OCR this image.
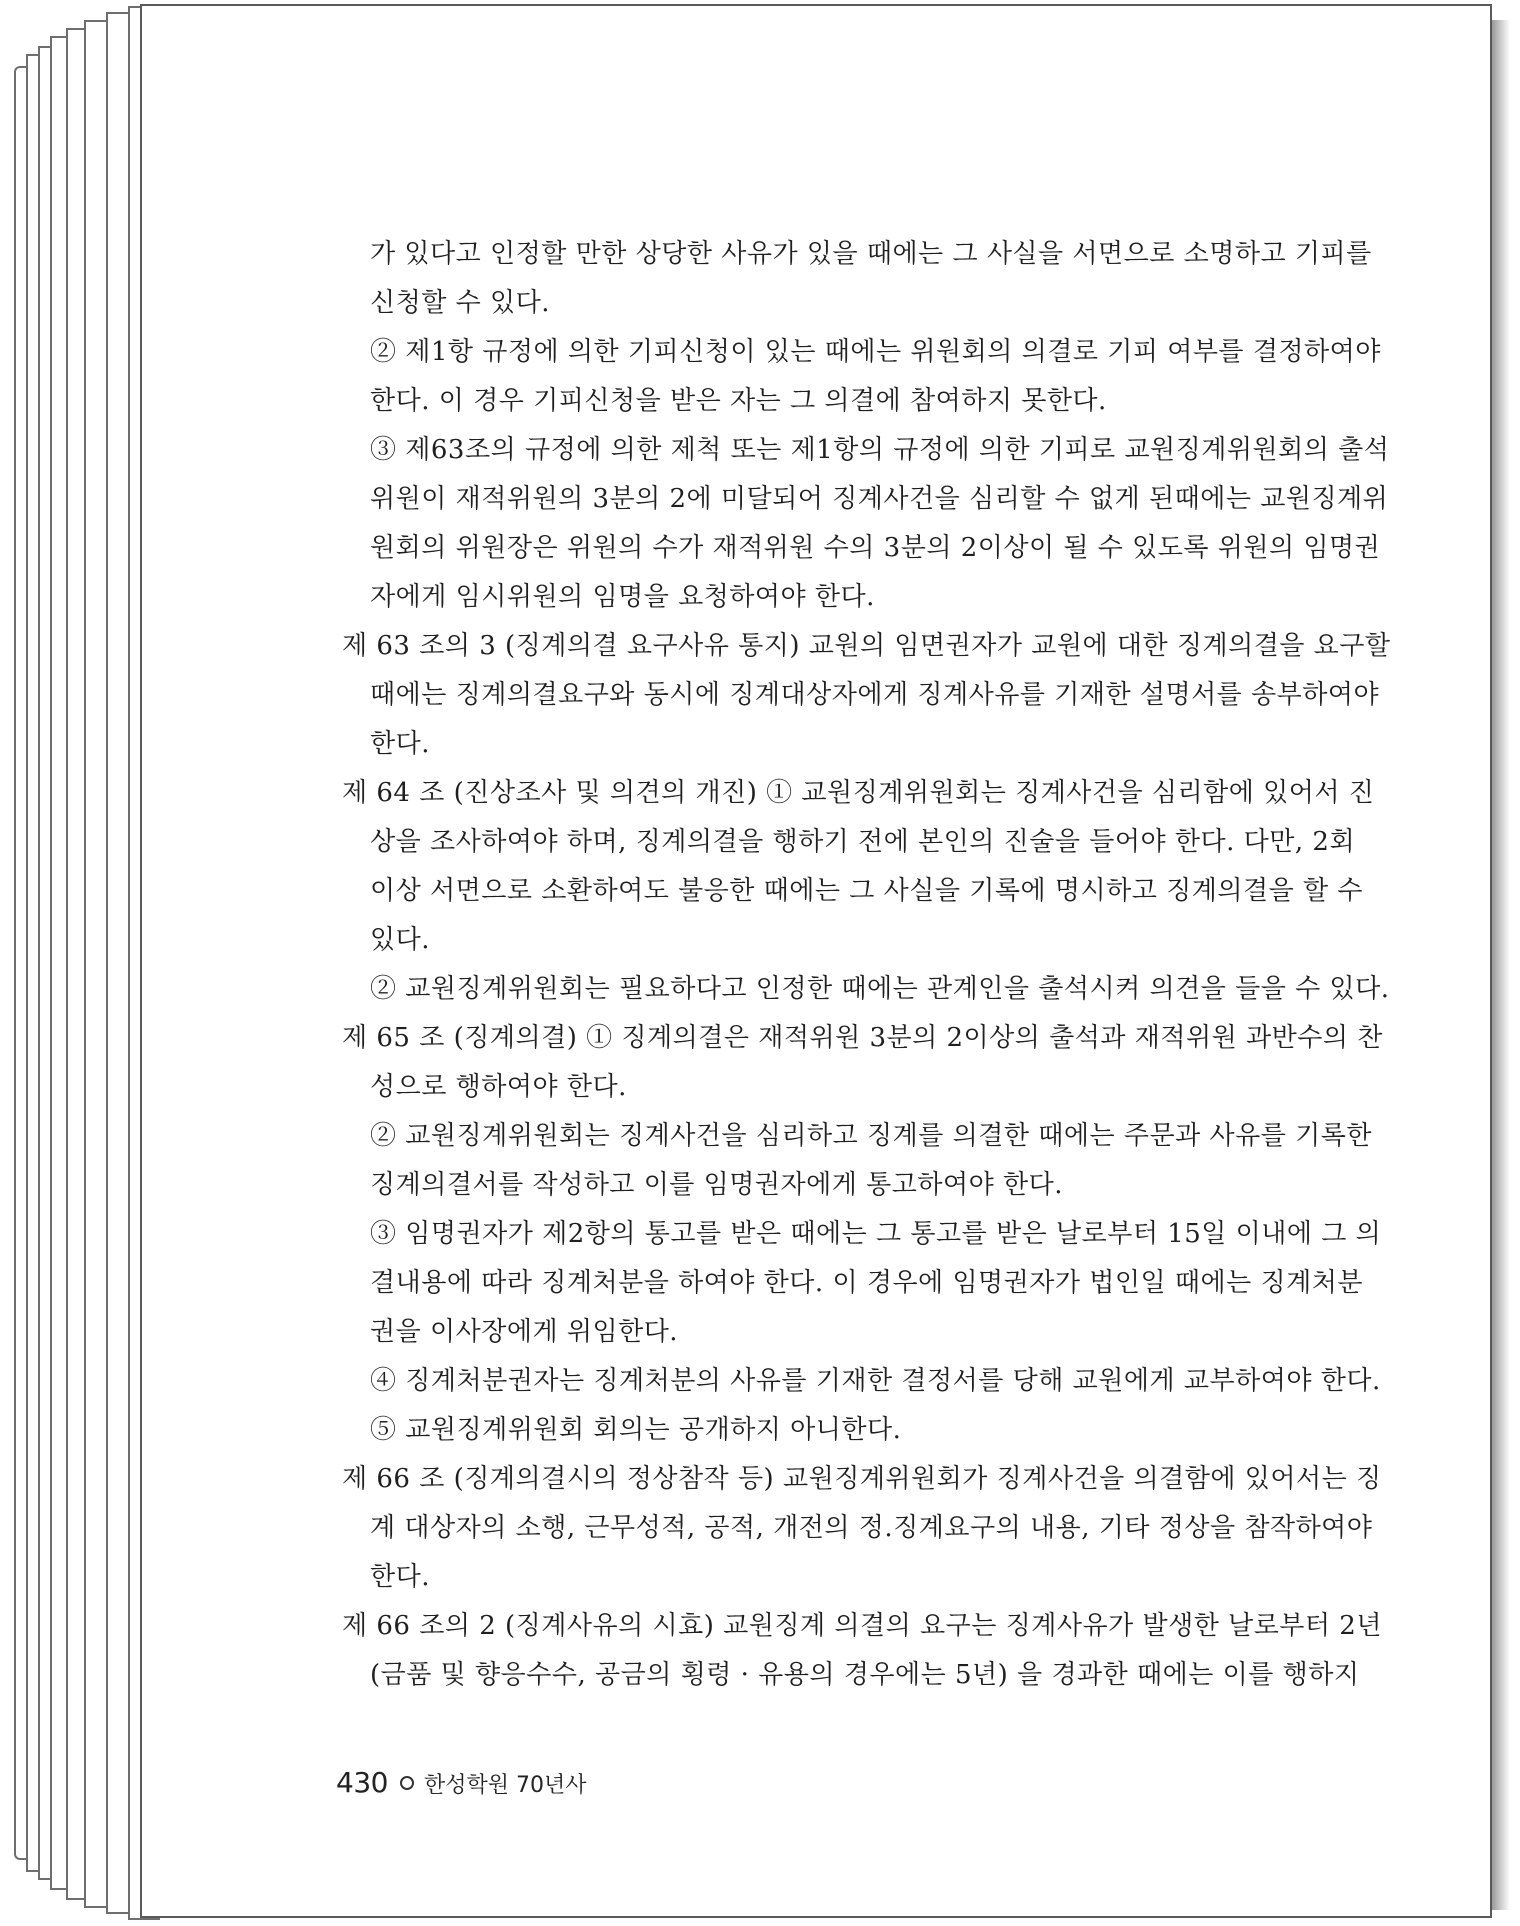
가 있다고 인정할 만한 상당한 사유가 있을 때에는 그 사실을 서면으로 소명하고 기피를
신청할 수 있다.
② 제1항 규정에 의한 기피신청이 있는 때에는 위원회의 의결로 기피 여부를 결정하여야
한다. 이 경우 기피신청을 받은 자는 그 의결에 참여하지 못한다.
③ 제63조의 규정에 의한 제척 또는 제1항의 규정에 의한 기피로 교원징계위원회의 출석
위원이 재적위원의 3분의 2에 미달되어 징계사건을 심리할 수 없게 된때에는 교원징계위
원회의 위원장은 위원의 수가 재적위원 수의 3분의 2이상이 될 수 있도록 위원의 임명권
자에게 임시위원의 임명을 요청하여야 한다.
제 63 조의 3 (징계의결 요구사유 통지) 교원의 임면권자가 교원에 대한 징계의결을 요구할
때에는 징계의결요구와 동시에 징계대상자에게 징계사유를 기재한 설명서를 송부하여야
한다.
제 64 조 (진상조사 및 의견의 개진) ① 교원징계위원회는 징계사건을 심리함에 있어서 진
상을 조사하여야 하며, 징계의결을 행하기 전에 본인의 진술을 들어야 한다. 다만, 2회
이상 서면으로 소환하여도 불응한 때에는 그 사실을 기록에 명시하고 징계의결을 할 수
있다.
② 교원징계위원회는 필요하다고 인정한 때에는 관계인을 출석시켜 의견을 들을 수 있다.
제 65 조 (징계의결) ① 징계의결은 재적위원 3분의 2이상의 출석과 재적위원 과반수의 찬
성으로 행하여야 한다.
② 교원징계위원회는 징계사건을 심리하고 징계를 의결한 때에는 주문과 사유를 기록한
징계의결서를 작성하고 이를 임명권자에게 통고하여야 한다.
③ 임명권자가 제2항의 통고를 받은 때에는 그 통고를 받은 날로부터 15일 이내에 그 의
결내용에 따라 징계처분을 하여야 한다. 이 경우에 임명권자가 법인일 때에는 징계처분
권을 이사장에게 위임한다.
④ 징계처분권자는 징계처분의 사유를 기재한 결정서를 당해 교원에게 교부하여야 한다.
⑤ 교원징계위원회 회의는 공개하지 아니한다.
제 66 조 (징계의결시의 정상참작 등) 교원징계위원회가 징계사건을 의결함에 있어서는 징
계 대상자의 소행, 근무성적, 공적, 개전의 정.징계요구의 내용, 기타 정상을 참작하여야
한다.
제 66 조의 2 (징계사유의 시효) 교원징계 의결의 요구는 징계사유가 발생한 날로부터 2년
(금품 및 향응수수, 공금의 횡령 · 유용의 경우에는 5년) 을 경과한 때에는 이를 행하지
430 한성학원 70년사
